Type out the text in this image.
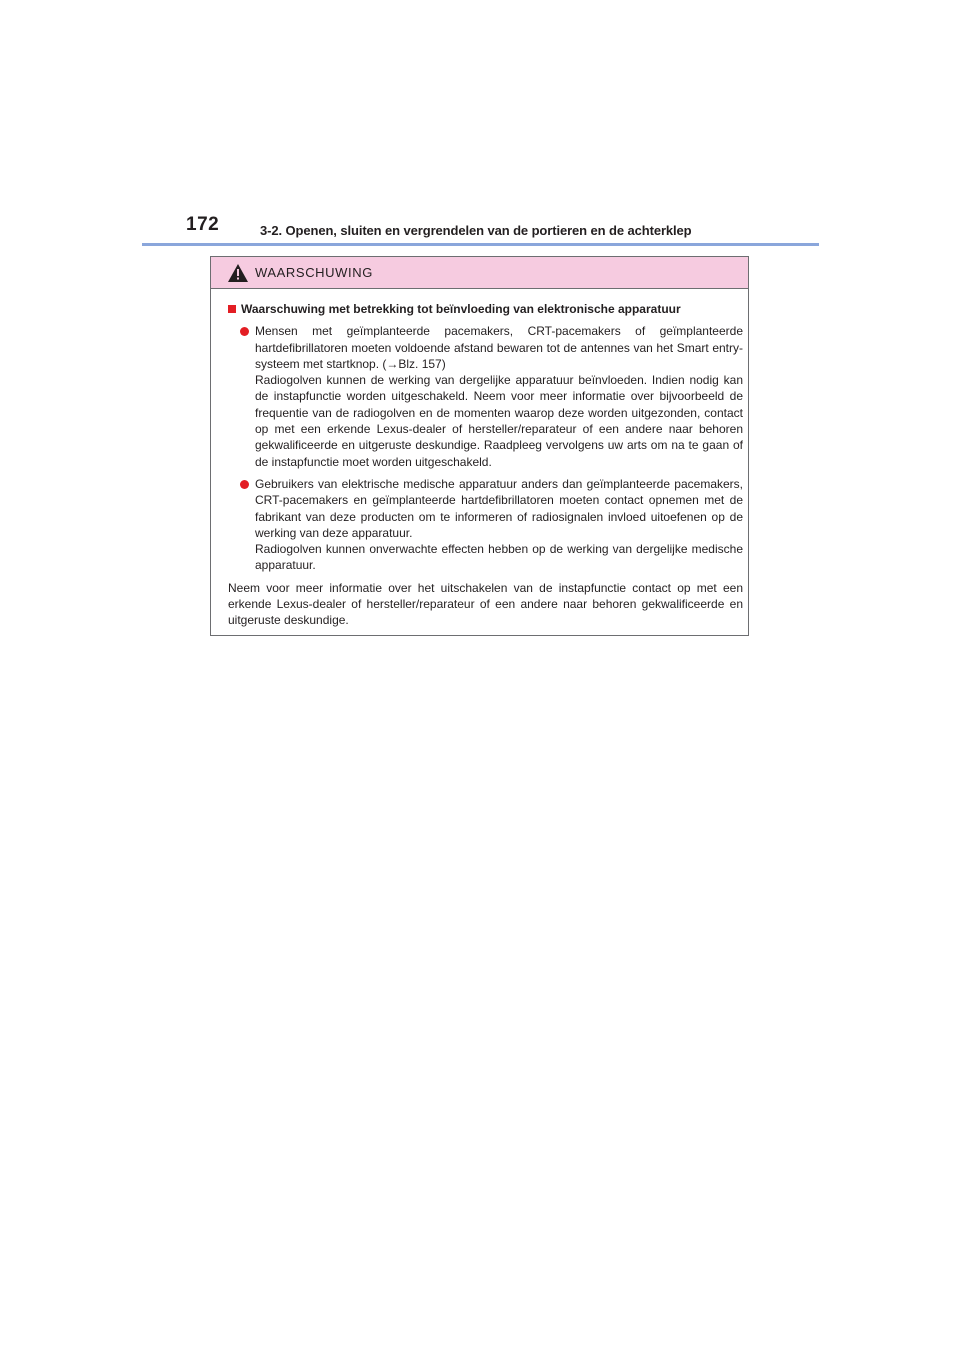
172	3-2. Openen, sluiten en vergrendelen van de portieren en de achterklep
WAARSCHUWING
Waarschuwing met betrekking tot beïnvloeding van elektronische apparatuur

Mensen met geïmplanteerde pacemakers, CRT-pacemakers of geïmplanteerde hartdefibrillatoren moeten voldoende afstand bewaren tot de antennes van het Smart entry-systeem met startknop. (→Blz. 157)

Radiogolven kunnen de werking van dergelijke apparatuur beïnvloeden. Indien nodig kan de instapfunctie worden uitgeschakeld. Neem voor meer informatie over bijvoorbeeld de frequentie van de radiogolven en de momenten waarop deze worden uitgezonden, contact op met een erkende Lexus-dealer of hersteller/reparateur of een andere naar behoren gekwalificeerde en uitgeruste deskundige. Raadpleeg vervolgens uw arts om na te gaan of de instapfunctie moet worden uitgeschakeld.

Gebruikers van elektrische medische apparatuur anders dan geïmplanteerde pacemakers, CRT-pacemakers en geïmplanteerde hartdefibrillatoren moeten contact opnemen met de fabrikant van deze producten om te informeren of radiosignalen invloed uitoefenen op de werking van deze apparatuur.

Radiogolven kunnen onverwachte effecten hebben op de werking van dergelijke medische apparatuur.

Neem voor meer informatie over het uitschakelen van de instapfunctie contact op met een erkende Lexus-dealer of hersteller/reparateur of een andere naar behoren gekwalificeerde en uitgeruste deskundige.
